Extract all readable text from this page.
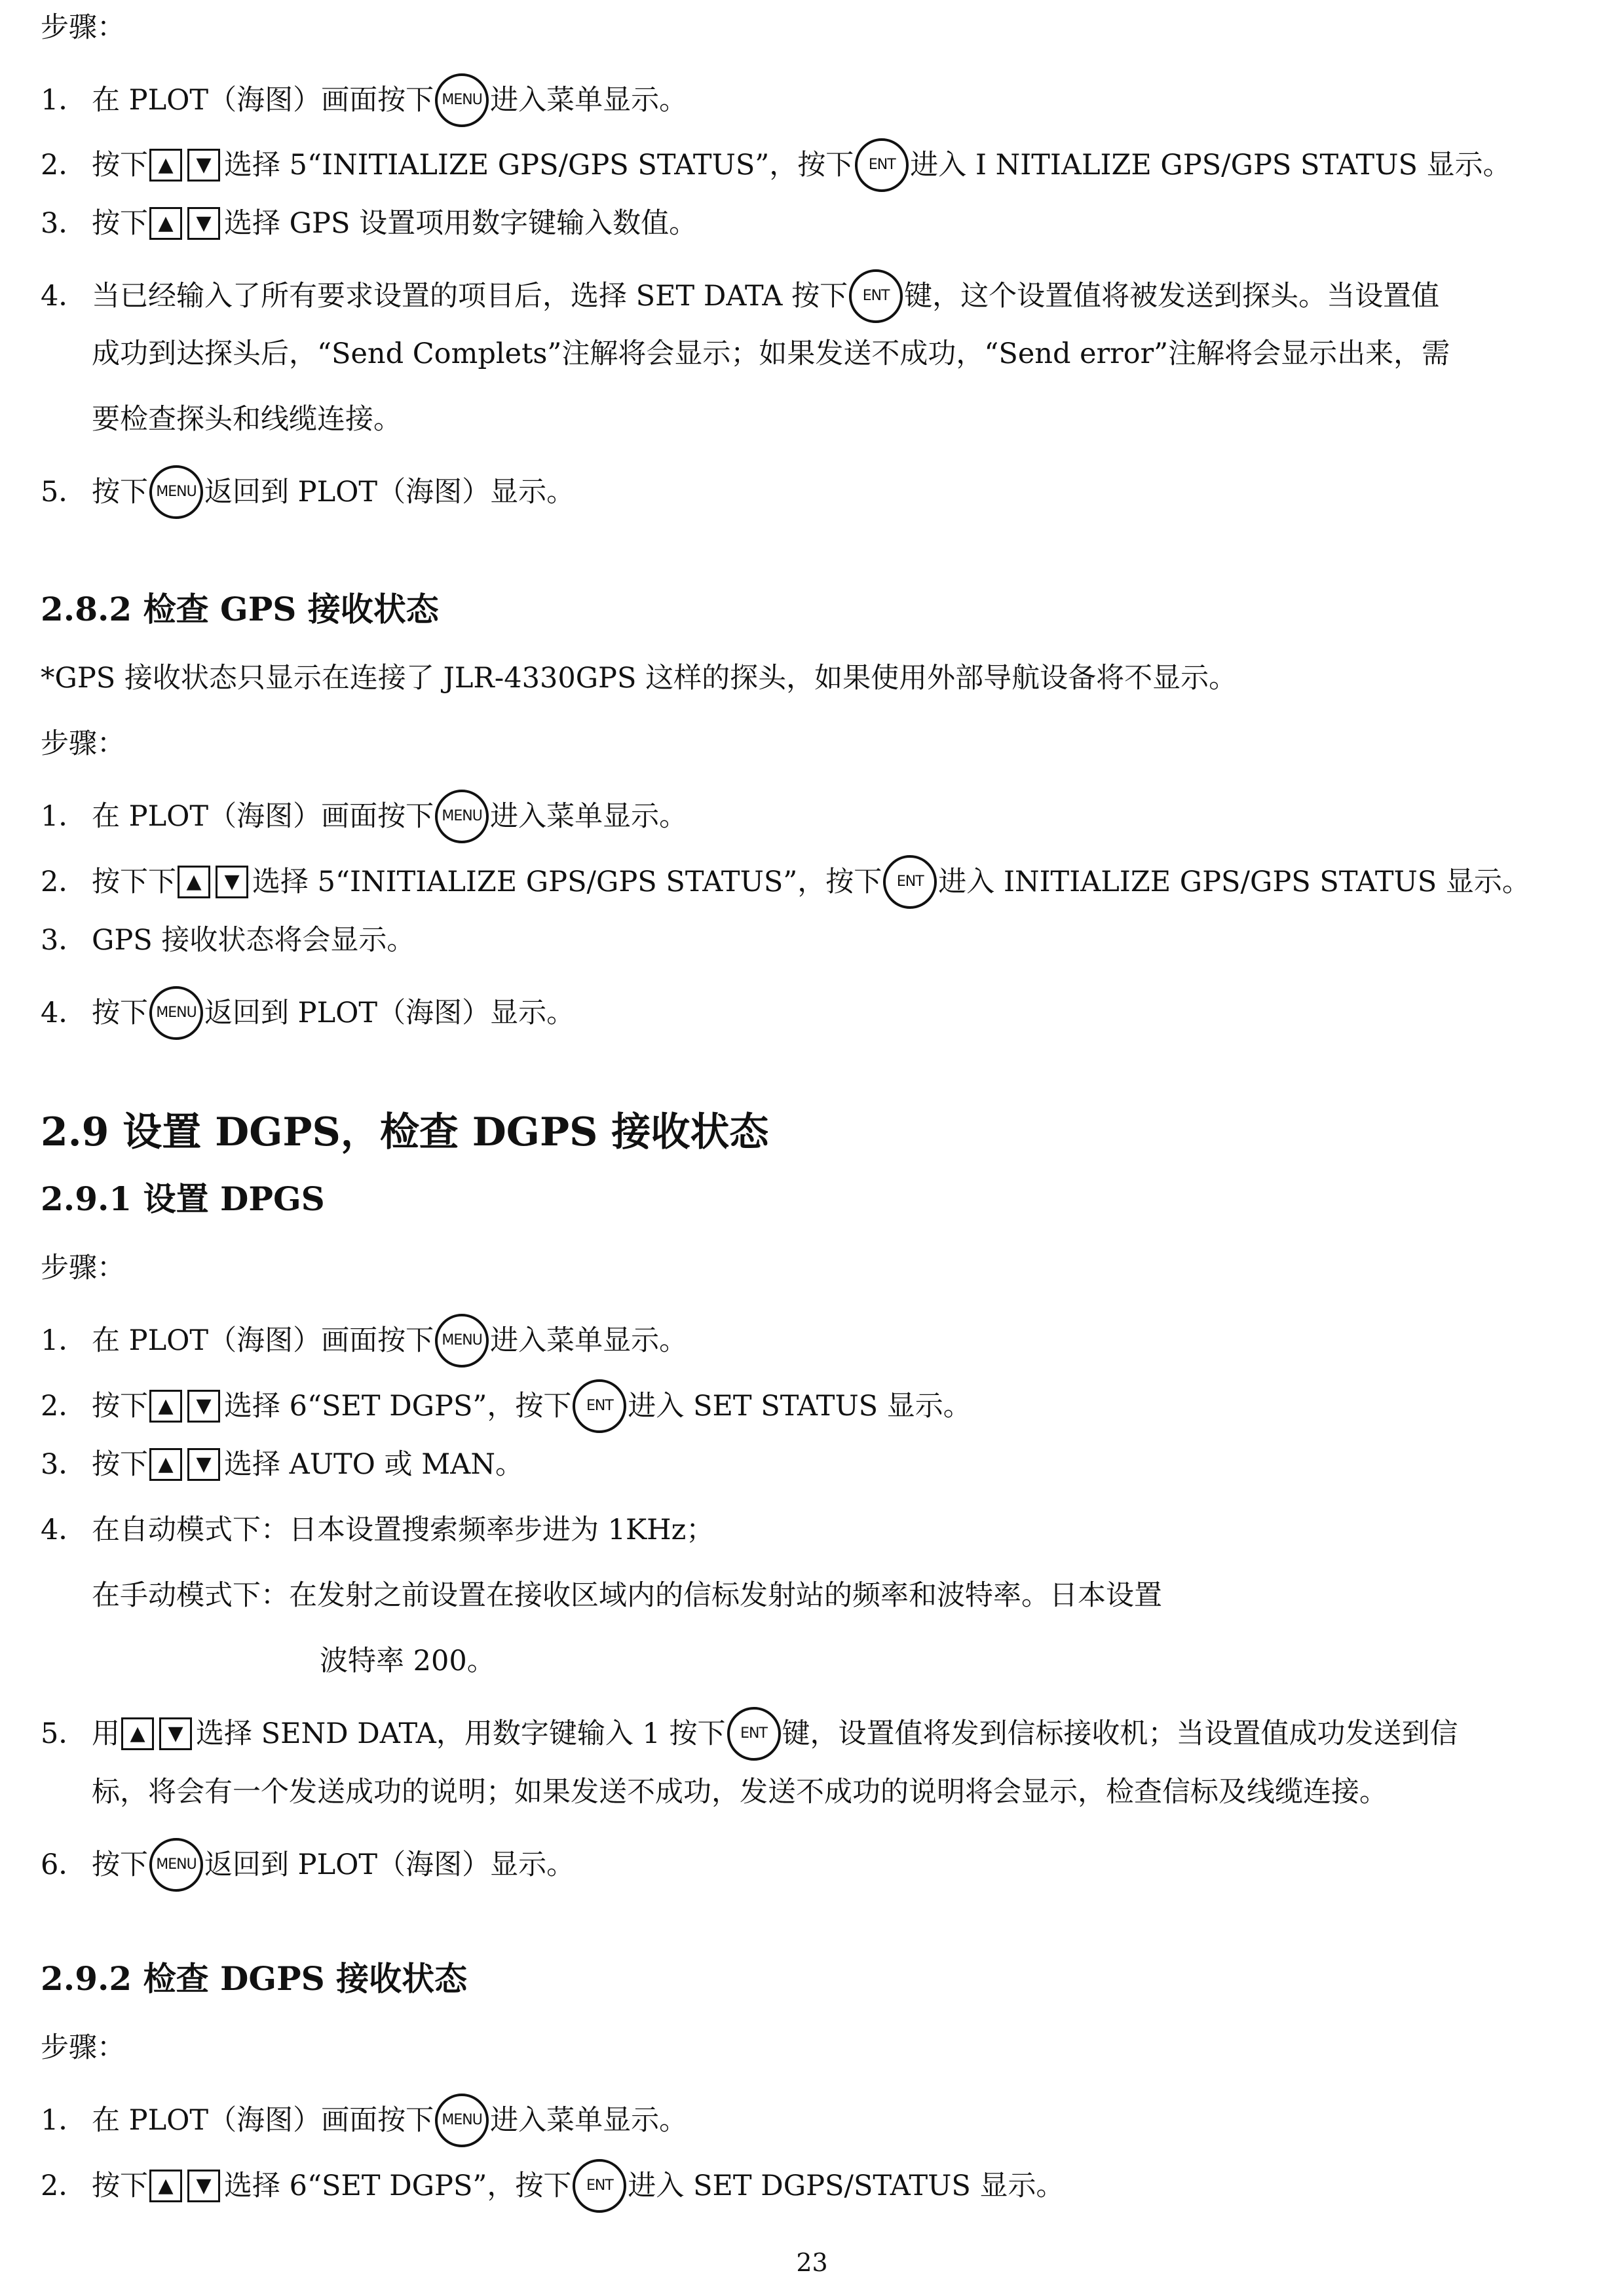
步骤：
1． 在 PLOT（海图）画面按下 MENU 进入菜单显示。
2． 按下 ▲	▼ 选择 5“INITIALIZE GPS/GPS STATUS”，按下	ENT 进入 I NITIALIZE GPS/GPS STATUS 显示。
3． 按下 ▲	▼ 选择 GPS 设置项用数字键输入数值。
4． 当已经输入了所有要求设置的项目后，选择 SET DATA 按下	ENT 键，这个设置值将被发送到探头。当设置值
成功到达探头后，“Send Complets”注解将会显示；如果发送不成功，“Send error”注解将会显示出来，需
要检查探头和线缆连接。
5． 按下 MENU 返回到 PLOT（海图）显示。
2.8.2 检查 GPS 接收状态
*GPS 接收状态只显示在连接了 JLR-4330GPS 这样的探头，如果使用外部导航设备将不显示。
步骤：
1． 在 PLOT（海图）画面按下 MENU 进入菜单显示。
2． 按下下 ▲	▼ 选择 5“INITIALIZE GPS/GPS STATUS”，按下	ENT 进入 INITIALIZE GPS/GPS STATUS 显示。
3． GPS 接收状态将会显示。
4． 按下 MENU 返回到 PLOT（海图）显示。
2.9 设置 DGPS，检查 DGPS 接收状态
2.9.1 设置 DPGS
步骤：
1． 在 PLOT（海图）画面按下 MENU 进入菜单显示。
2． 按下 ▲	▼ 选择 6“SET DGPS”，按下	ENT 进入 SET STATUS 显示。
3． 按下 ▲	▼ 选择 AUTO 或 MAN。
4． 在自动模式下：日本设置搜索频率步进为 1KHz；
在手动模式下：在发射之前设置在接收区域内的信标发射站的频率和波特率。日本设置
波特率 200。
5． 用 ▲	▼ 选择 SEND DATA，用数字键输入 1 按下	ENT 键，设置值将发到信标接收机；当设置值成功发送到信
标，将会有一个发送成功的说明；如果发送不成功，发送不成功的说明将会显示，检查信标及线缆连接。
6． 按下 MENU 返回到 PLOT（海图）显示。
2.9.2 检查 DGPS 接收状态
步骤：
1． 在 PLOT（海图）画面按下 MENU 进入菜单显示。
2． 按下 ▲	▼ 选择 6“SET DGPS”，按下	ENT 进入 SET DGPS/STATUS 显示。
23
